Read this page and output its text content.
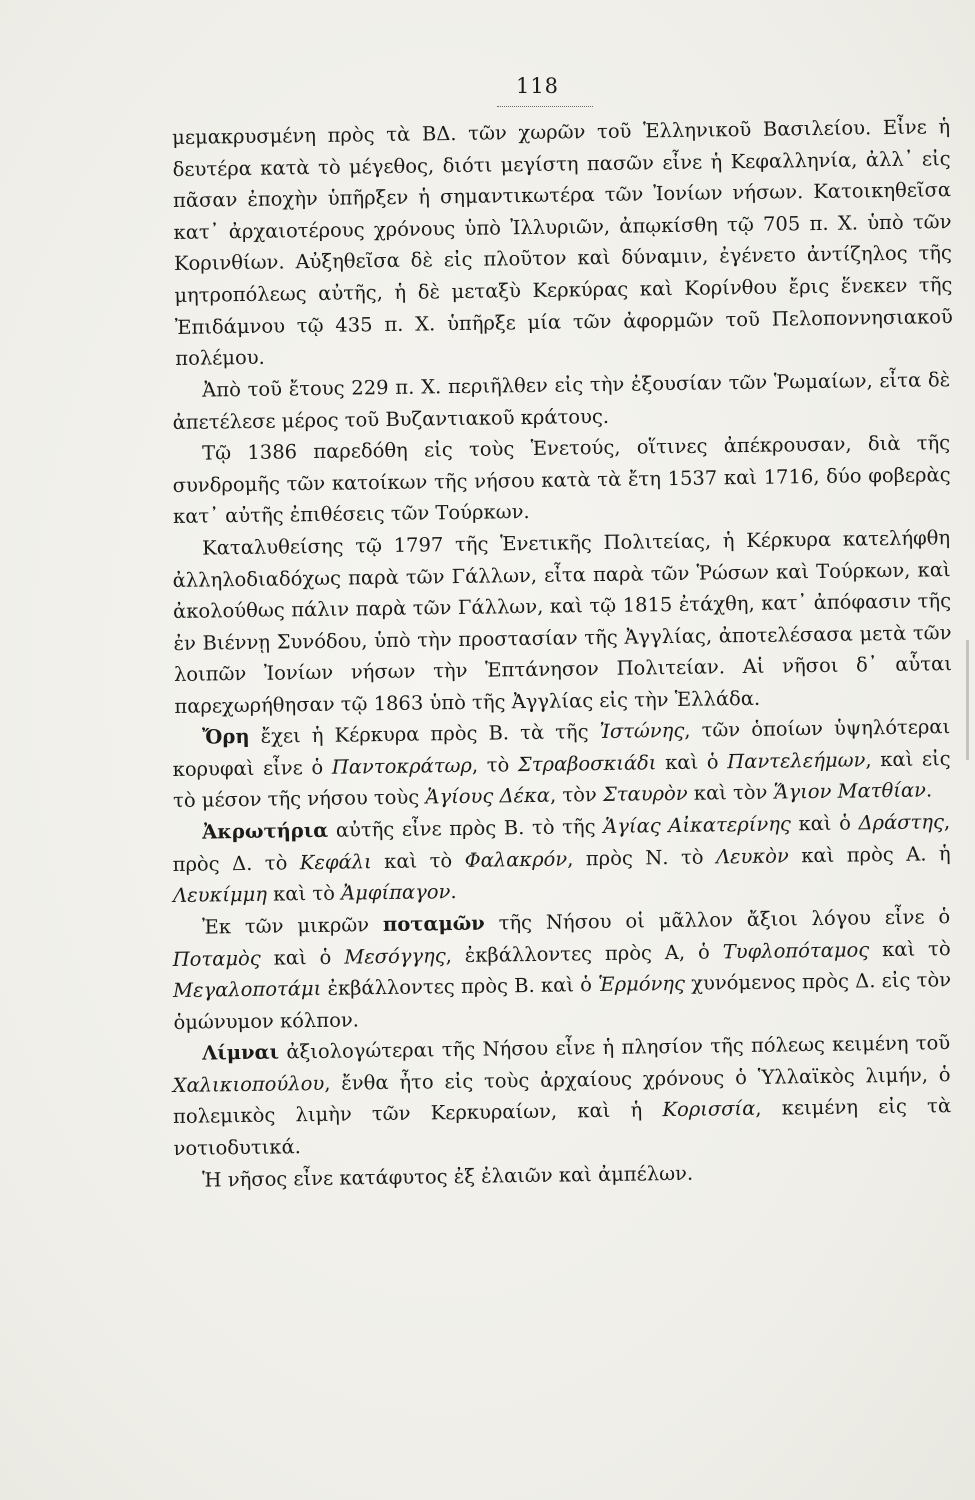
118

μεμακρυσμένη πρὸς τὰ ΒΔ. τῶν χωρῶν τοῦ Ἑλληνικοῦ Βασιλείου. Εἶνε ἡ δευτέρα κατὰ τὸ μέγεθος, διότι μεγίστη πασῶν εἶνε ἡ Κεφαλληνία, ἀλλ᾽ εἰς πᾶσαν ἐποχὴν ὑπῆρξεν ἡ σημαντικωτέρα τῶν Ἰονίων νήσων. Κατοικηθεῖσα κατ᾽ ἀρχαιοτέρους χρόνους ὑπὸ Ἰλλυριῶν, ἀπῳκίσθη τῷ 705 π. Χ. ὑπὸ τῶν Κορινθίων. Αὐξηθεῖσα δὲ εἰς πλοῦτον καὶ δύναμιν, ἐγένετο ἀντίζηλος τῆς μητροπόλεως αὐτῆς, ἡ δὲ μεταξὺ Κερκύρας καὶ Κορίνθου ἔρις ἕνεκεν τῆς Ἐπιδάμνου τῷ 435 π. Χ. ὑπῆρξε μία τῶν ἀφορμῶν τοῦ Πελοποννησιακοῦ πολέμου.

Ἀπὸ τοῦ ἔτους 229 π. Χ. περιῆλθεν εἰς τὴν ἐξουσίαν τῶν Ῥωμαίων, εἶτα δὲ ἀπετέλεσε μέρος τοῦ Βυζαντιακοῦ κράτους.

Τῷ 1386 παρεδόθη εἰς τοὺς Ἑνετούς, οἵτινες ἀπέκρουσαν, διὰ τῆς συνδρομῆς τῶν κατοίκων τῆς νήσου κατὰ τὰ ἔτη 1537 καὶ 1716, δύο φοβερὰς κατ᾽ αὐτῆς ἐπιθέσεις τῶν Τούρκων.

Καταλυθείσης τῷ 1797 τῆς Ἑνετικῆς Πολιτείας, ἡ Κέρκυρα κατελήφθη ἀλληλοδιαδόχως παρὰ τῶν Γάλλων, εἶτα παρὰ τῶν Ῥώσων καὶ Τούρκων, καὶ ἀκολούθως πάλιν παρὰ τῶν Γάλλων, καὶ τῷ 1815 ἐτάχθη, κατ᾽ ἀπόφασιν τῆς ἐν Βιέννῃ Συνόδου, ὑπὸ τὴν προστασίαν τῆς Ἀγγλίας, ἀποτελέσασα μετὰ τῶν λοιπῶν Ἰονίων νήσων τὴν Ἑπτάνησον Πολιτείαν. Αἱ νῆσοι δ᾽ αὗται παρεχωρήθησαν τῷ 1863 ὑπὸ τῆς Ἀγγλίας εἰς τὴν Ἑλλάδα.

Ὄρη ἔχει ἡ Κέρκυρα πρὸς Β. τὰ τῆς Ἰστώνης, τῶν ὁποίων ὑψηλότεραι κορυφαὶ εἶνε ὁ Παντοκράτωρ, τὸ Στραβοσκιάδι καὶ ὁ Παντελεήμων, καὶ εἰς τὸ μέσον τῆς νήσου τοὺς Ἁγίους Δέκα, τὸν Σταυρὸν καὶ τὸν Ἅγιον Ματθίαν.

Ἀκρωτήρια αὐτῆς εἶνε πρὸς Β. τὸ τῆς Ἁγίας Αἰκατερίνης καὶ ὁ Δράστης, πρὸς Δ. τὸ Κεφάλι καὶ τὸ Φαλακρόν, πρὸς Ν. τὸ Λευκὸν καὶ πρὸς Α. ἡ Λευκίμμη καὶ τὸ Ἀμφίπαγον.

Ἐκ τῶν μικρῶν ποταμῶν τῆς Νήσου οἱ μᾶλλον ἄξιοι λόγου εἶνε ὁ Ποταμὸς καὶ ὁ Μεσόγγης, ἐκβάλλοντες πρὸς Α, ὁ Τυφλοπόταμος καὶ τὸ Μεγαλοποτάμι ἐκβάλλοντες πρὸς Β. καὶ ὁ Ἑρμόνης χυνόμενος πρὸς Δ. εἰς τὸν ὁμώνυμον κόλπον.

Λίμναι ἀξιολογώτεραι τῆς Νήσου εἶνε ἡ πλησίον τῆς πόλεως κειμένη τοῦ Χαλικιοπούλου, ἔνθα ἦτο εἰς τοὺς ἀρχαίους χρόνους ὁ Ὑλλαϊκὸς λιμήν, ὁ πολεμικὸς λιμὴν τῶν Κερκυραίων, καὶ ἡ Κορισσία, κειμένη εἰς τὰ νοτιοδυτικά.

Ἡ νῆσος εἶνε κατάφυτος ἐξ ἐλαιῶν καὶ ἀμπέλων.
